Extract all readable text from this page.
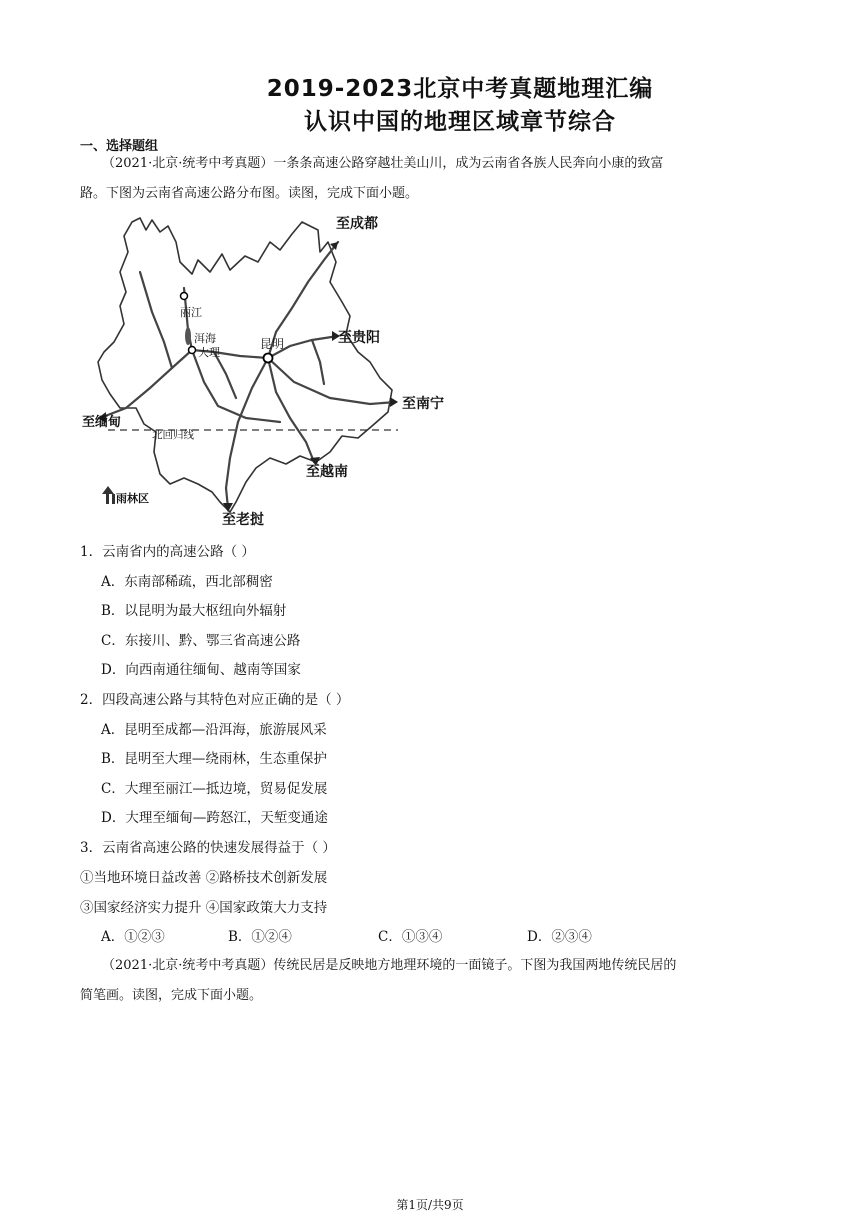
2019-2023北京中考真题地理汇编
认识中国的地理区域章节综合
一、选择题组
（2021·北京·统考中考真题）一条条高速公路穿越壮美山川，成为云南省各族人民奔向小康的致富
路。下图为云南省高速公路分布图。读图，完成下面小题。
至成都
至贵阳
至南宁
至缅甸
至越南
至老挝
丽江
洱海
大理
昆明
北回归线
雨林区
1．云南省内的高速公路（ ）
A．东南部稀疏，西北部稠密
B．以昆明为最大枢纽向外辐射
C．东接川、黔、鄂三省高速公路
D．向西南通往缅甸、越南等国家
2．四段高速公路与其特色对应正确的是（ ）
A．昆明至成都—沿洱海，旅游展风采
B．昆明至大理—绕雨林，生态重保护
C．大理至丽江—抵边境，贸易促发展
D．大理至缅甸—跨怒江，天堑变通途
3．云南省高速公路的快速发展得益于（ ）
①当地环境日益改善 ②路桥技术创新发展
③国家经济实力提升 ④国家政策大力支持
A．①②③	B．①②④	C．①③④	D．②③④
（2021·北京·统考中考真题）传统民居是反映地方地理环境的一面镜子。下图为我国两地传统民居的
简笔画。读图，完成下面小题。
第1页/共9页
